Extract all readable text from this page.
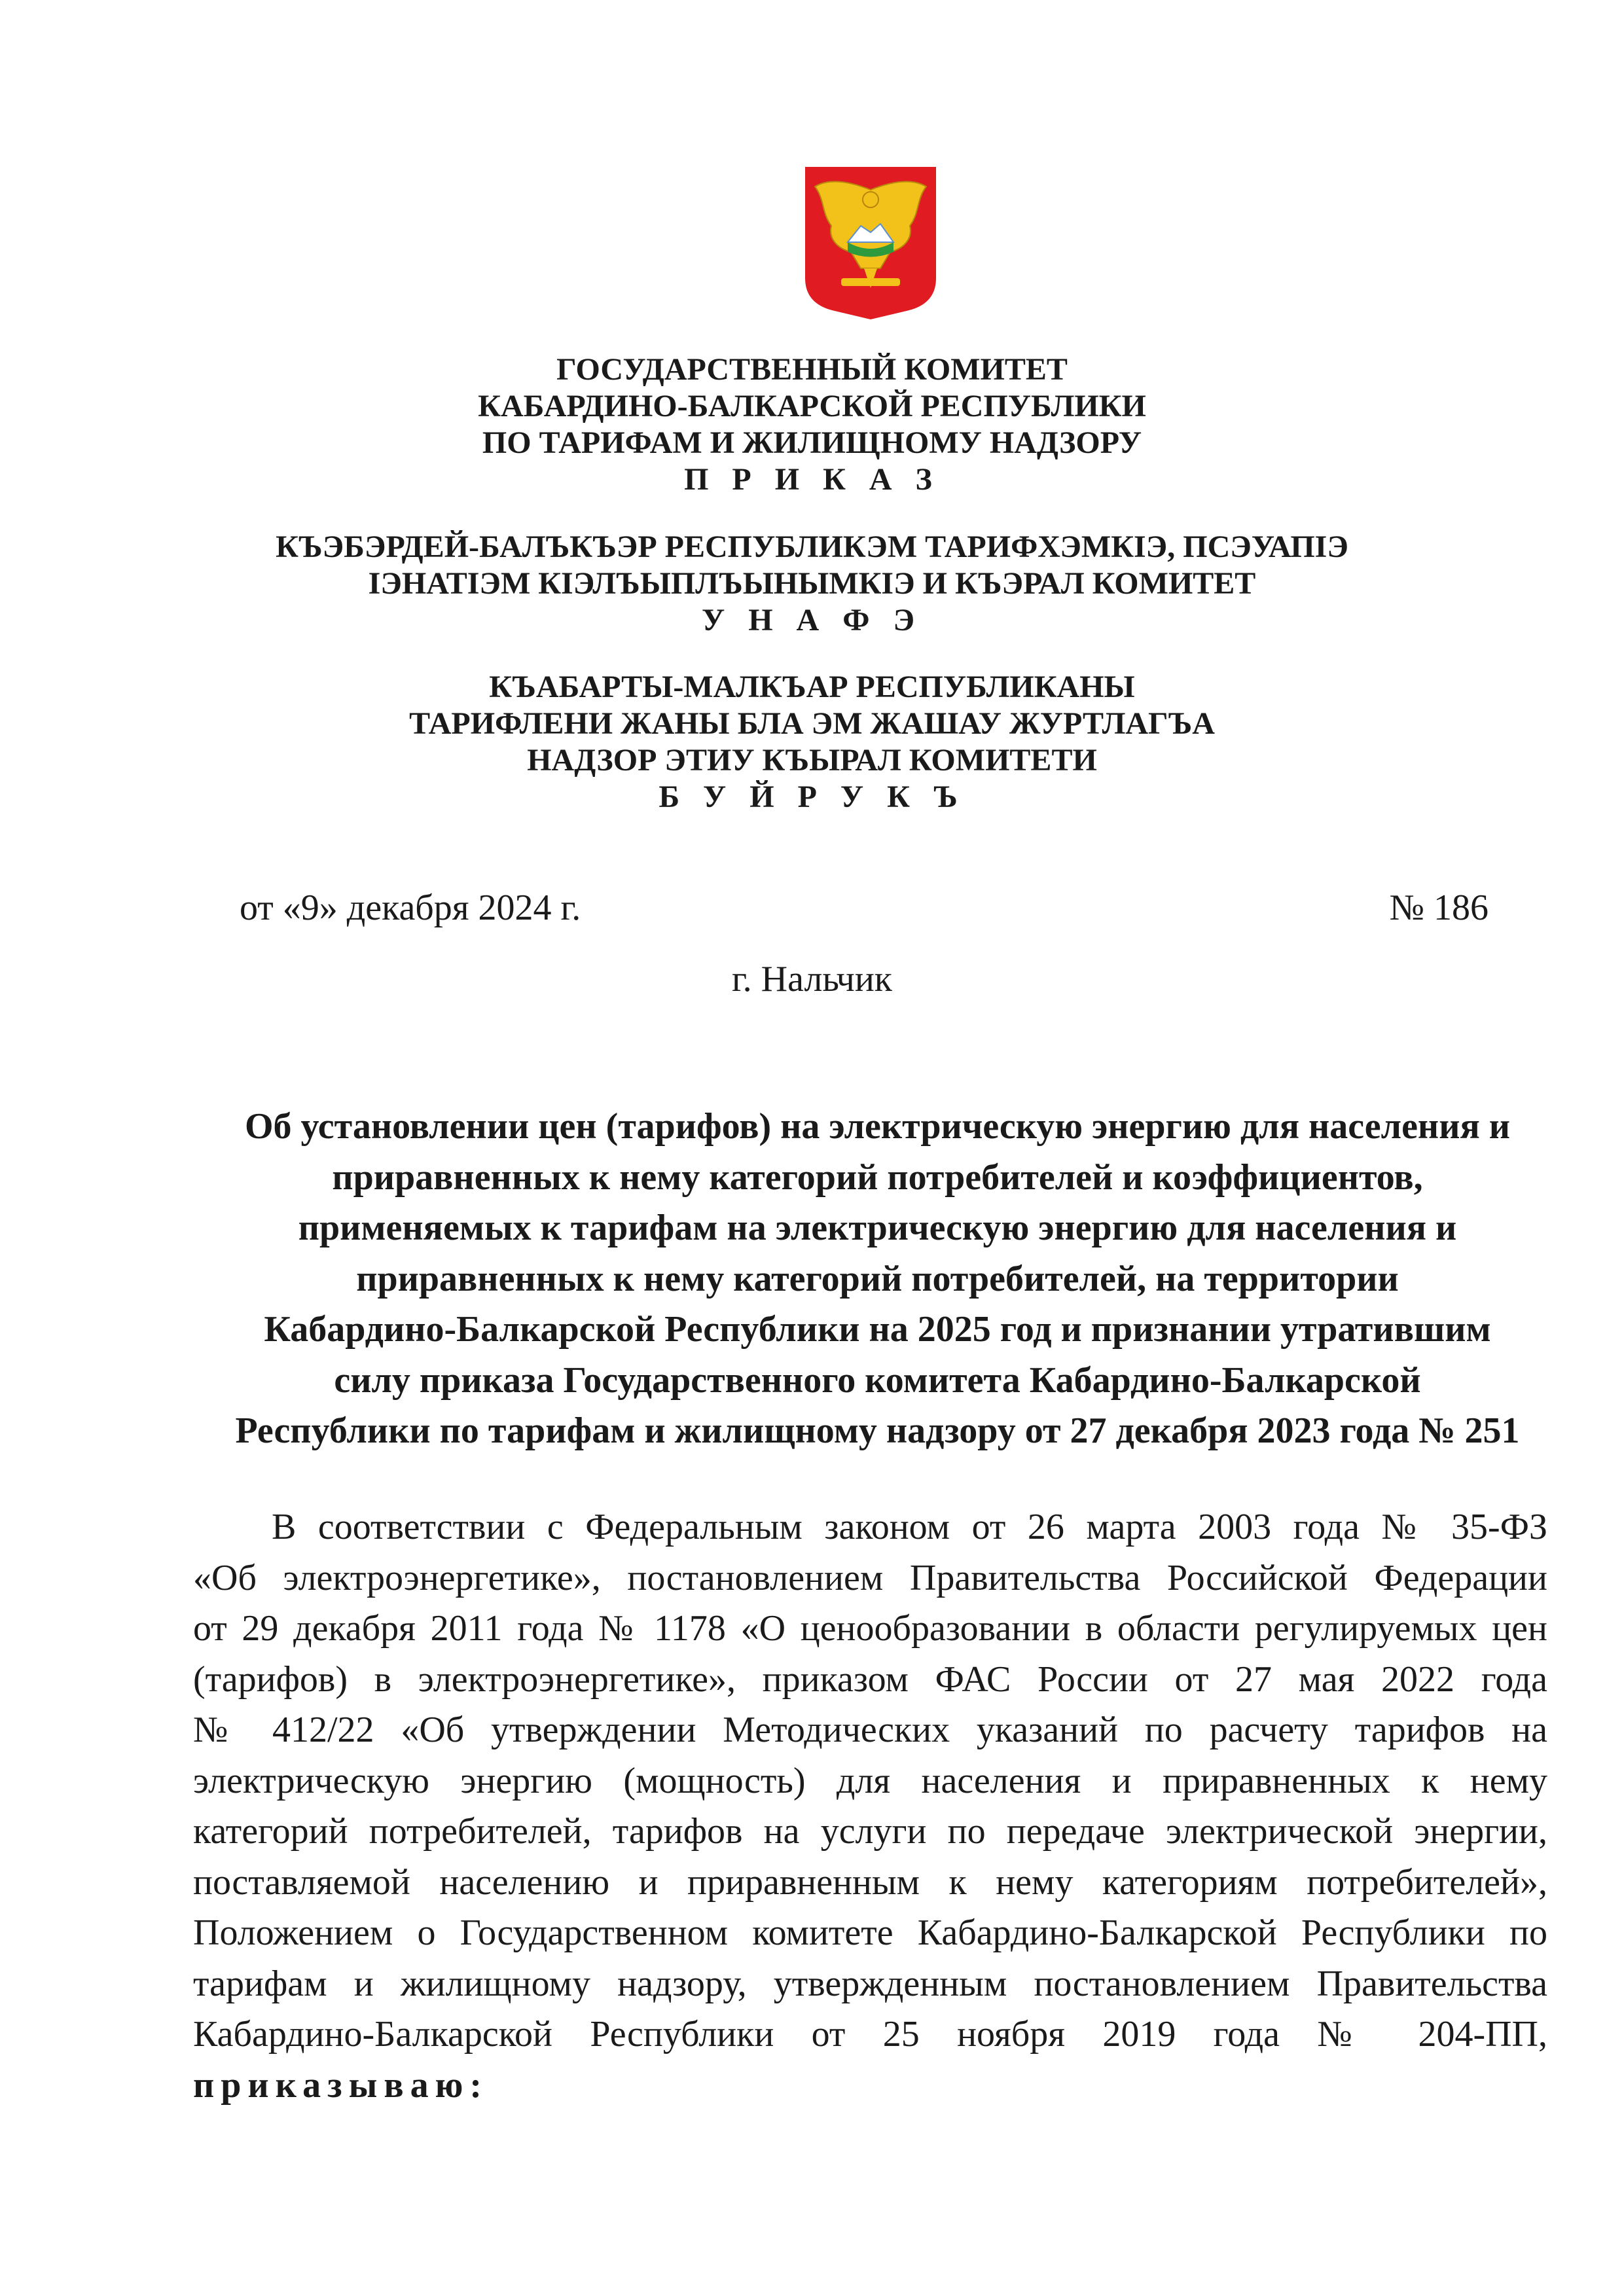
ГОСУДАРСТВЕННЫЙ КОМИТЕТ

КАБАРДИНО-БАЛКАРСКОЙ РЕСПУБЛИКИ

ПО ТАРИФАМ И ЖИЛИЩНОМУ НАДЗОРУ

П Р И К А З

КЪЭБЭРДЕЙ-БАЛЪКЪЭР РЕСПУБЛИКЭМ ТАРИФХЭМКIЭ, ПСЭУАПIЭ

IЭНАТIЭМ КIЭЛЪЫПЛЪЫНЫМКIЭ И КЪЭРАЛ КОМИТЕТ

У Н А Ф Э

КЪАБАРТЫ-МАЛКЪАР РЕСПУБЛИКАНЫ

ТАРИФЛЕНИ ЖАНЫ БЛА ЭМ ЖАШАУ ЖУРТЛАГЪА

НАДЗОР ЭТИУ КЪЫРАЛ КОМИТЕТИ

Б У Й Р У К Ъ

от «9» декабря 2024 г.	№ 186
г. Нальчик

Об установлении цен (тарифов) на электрическую энергию для населения и

приравненных к нему категорий потребителей и коэффициентов,

применяемых к тарифам на электрическую энергию для населения и

приравненных к нему категорий потребителей, на территории

Кабардино-Балкарской Республики на 2025 год и признании утратившим

силу приказа Государственного комитета Кабардино-Балкарской

Республики по тарифам и жилищному надзору от 27 декабря 2023 года № 251

В соответствии с Федеральным законом от 26 марта 2003 года № 35-ФЗ

«Об электроэнергетике», постановлением Правительства Российской Федерации

от 29 декабря 2011 года № 1178 «О ценообразовании в области регулируемых цен

(тарифов) в электроэнергетике», приказом ФАС России от 27 мая 2022 года

№ 412/22 «Об утверждении Методических указаний по расчету тарифов на

электрическую энергию (мощность) для населения и приравненных к нему

категорий потребителей, тарифов на услуги по передаче электрической энергии,

поставляемой населению и приравненным к нему категориям потребителей»,

Положением о Государственном комитете Кабардино-Балкарской Республики по

тарифам и жилищному надзору, утвержденным постановлением Правительства

Кабардино-Балкарской Республики от 25 ноября 2019 года № 204-ПП,

приказываю:
